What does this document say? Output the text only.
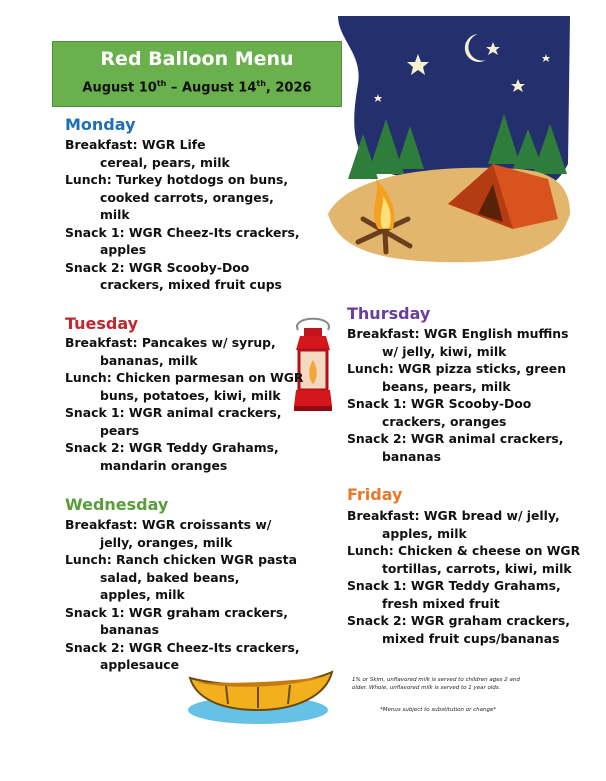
Red Balloon Menu
August 10th – August 14th, 2026
Monday
Breakfast: WGR Life
cereal, pears, milk
Lunch: Turkey hotdogs on buns,
cooked carrots, oranges,
milk
Snack 1: WGR Cheez-Its crackers,
apples
Snack 2: WGR Scooby-Doo
crackers, mixed fruit cups
Tuesday
Breakfast: Pancakes w/ syrup,
bananas, milk
Lunch: Chicken parmesan on WGR
buns, potatoes, kiwi, milk
Snack 1: WGR animal crackers,
pears
Snack 2: WGR Teddy Grahams,
mandarin oranges
Wednesday
Breakfast: WGR croissants w/
jelly, oranges, milk
Lunch: Ranch chicken WGR pasta
salad, baked beans,
apples, milk
Snack 1: WGR graham crackers,
bananas
Snack 2: WGR Cheez-Its crackers,
applesauce
Thursday
Breakfast: WGR English muffins
w/ jelly, kiwi, milk
Lunch: WGR pizza sticks, green
beans, pears, milk
Snack 1: WGR Scooby-Doo
crackers, oranges
Snack 2: WGR animal crackers,
bananas
Friday
Breakfast: WGR bread w/ jelly,
apples, milk
Lunch: Chicken & cheese on WGR
tortillas, carrots, kiwi, milk
Snack 1: WGR Teddy Grahams,
fresh mixed fruit
Snack 2: WGR graham crackers,
mixed fruit cups/bananas
1% or Skim, unflavored milk is served to children ages 2 and
older. Whole, unflavored milk is served to 1 year olds.
*Menus subject to substitution or change*
